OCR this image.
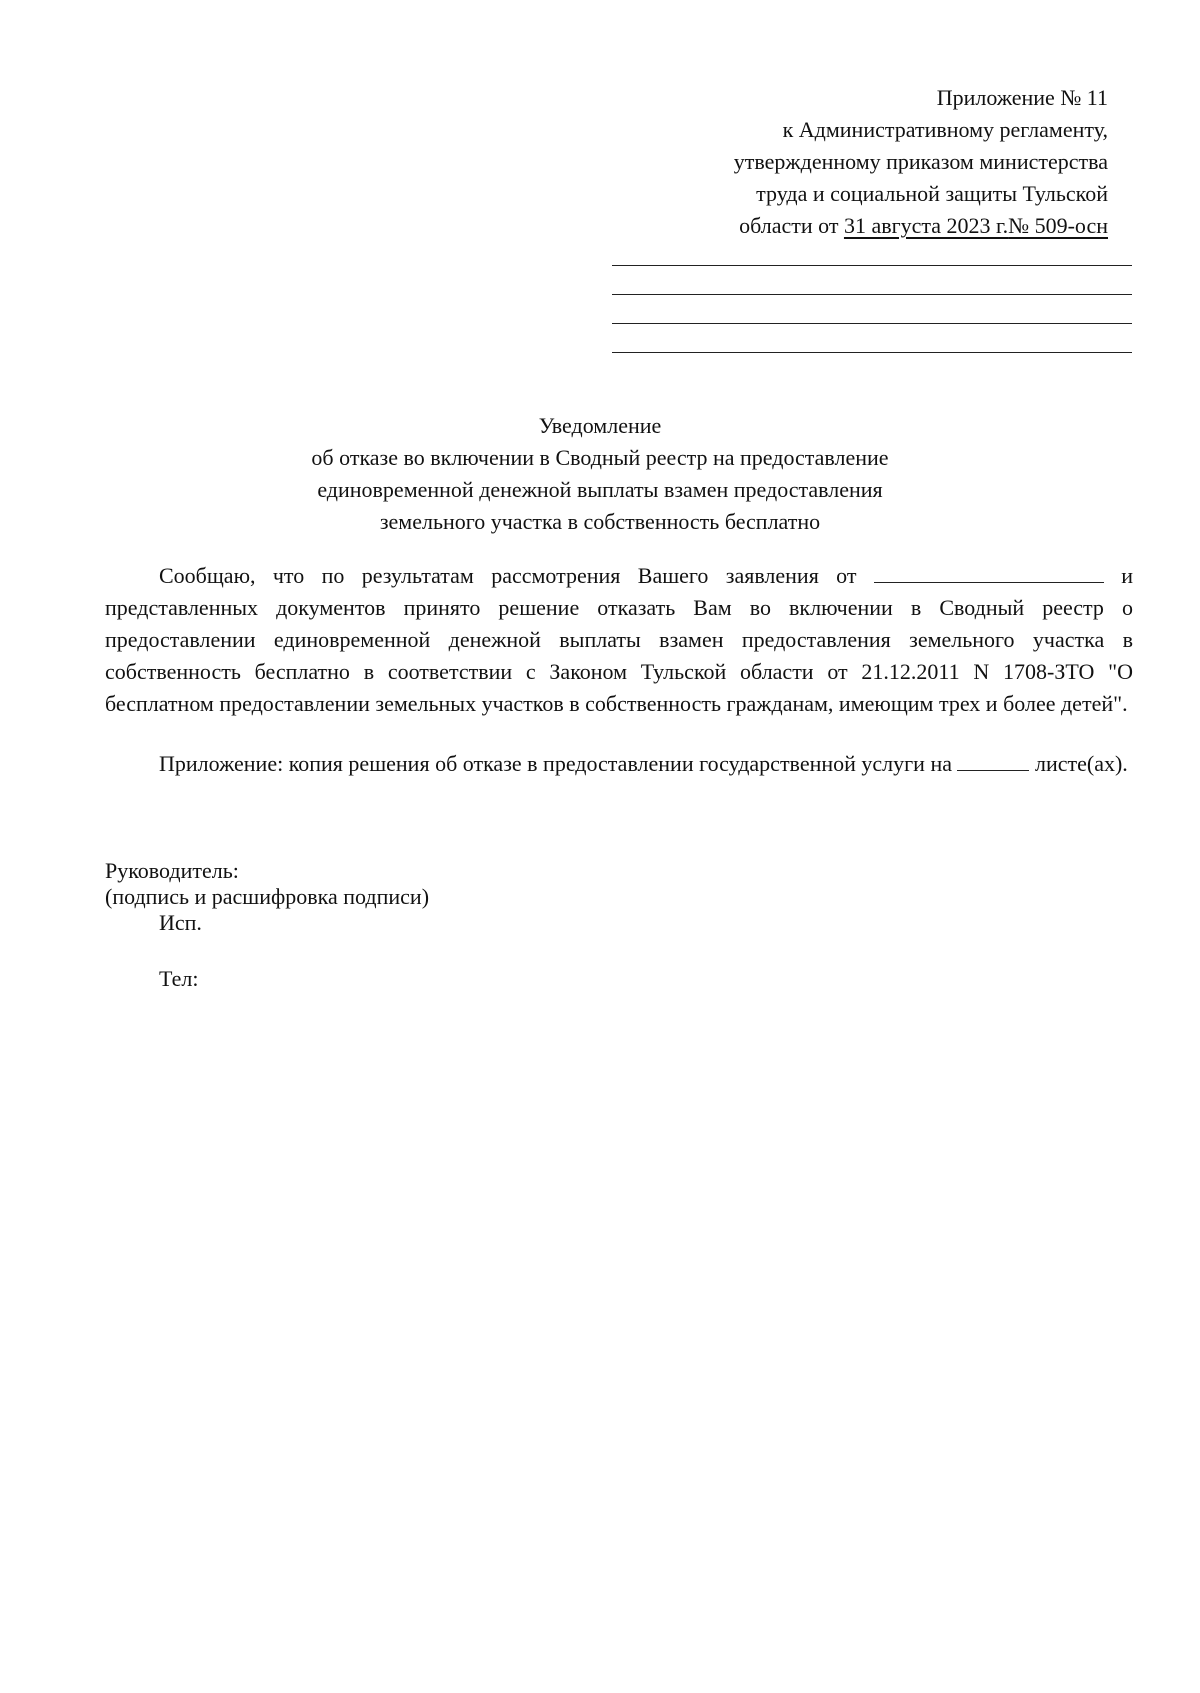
Приложение № 11
к Административному регламенту,
утвержденному приказом министерства
труда и социальной защиты Тульской
области от 31 августа 2023 г.№ 509-осн
Уведомление
об отказе во включении в Сводный реестр на предоставление
единовременной денежной выплаты взамен предоставления
земельного участка в собственность бесплатно

Сообщаю, что по результатам рассмотрения Вашего заявления от	и представленных документов принято решение отказать Вам во включении в Сводный реестр о предоставлении единовременной денежной выплаты взамен предоставления земельного участка в собственность бесплатно в соответствии с Законом Тульской области от 21.12.2011 N 1708-ЗТО "О бесплатном предоставлении земельных участков в собственность гражданам, имеющим трех и более детей".

Приложение: копия решения об отказе в предоставлении государственной услуги на	листе(ах).

Руководитель:
(подпись и расшифровка подписи)
Исп.
Тел:
